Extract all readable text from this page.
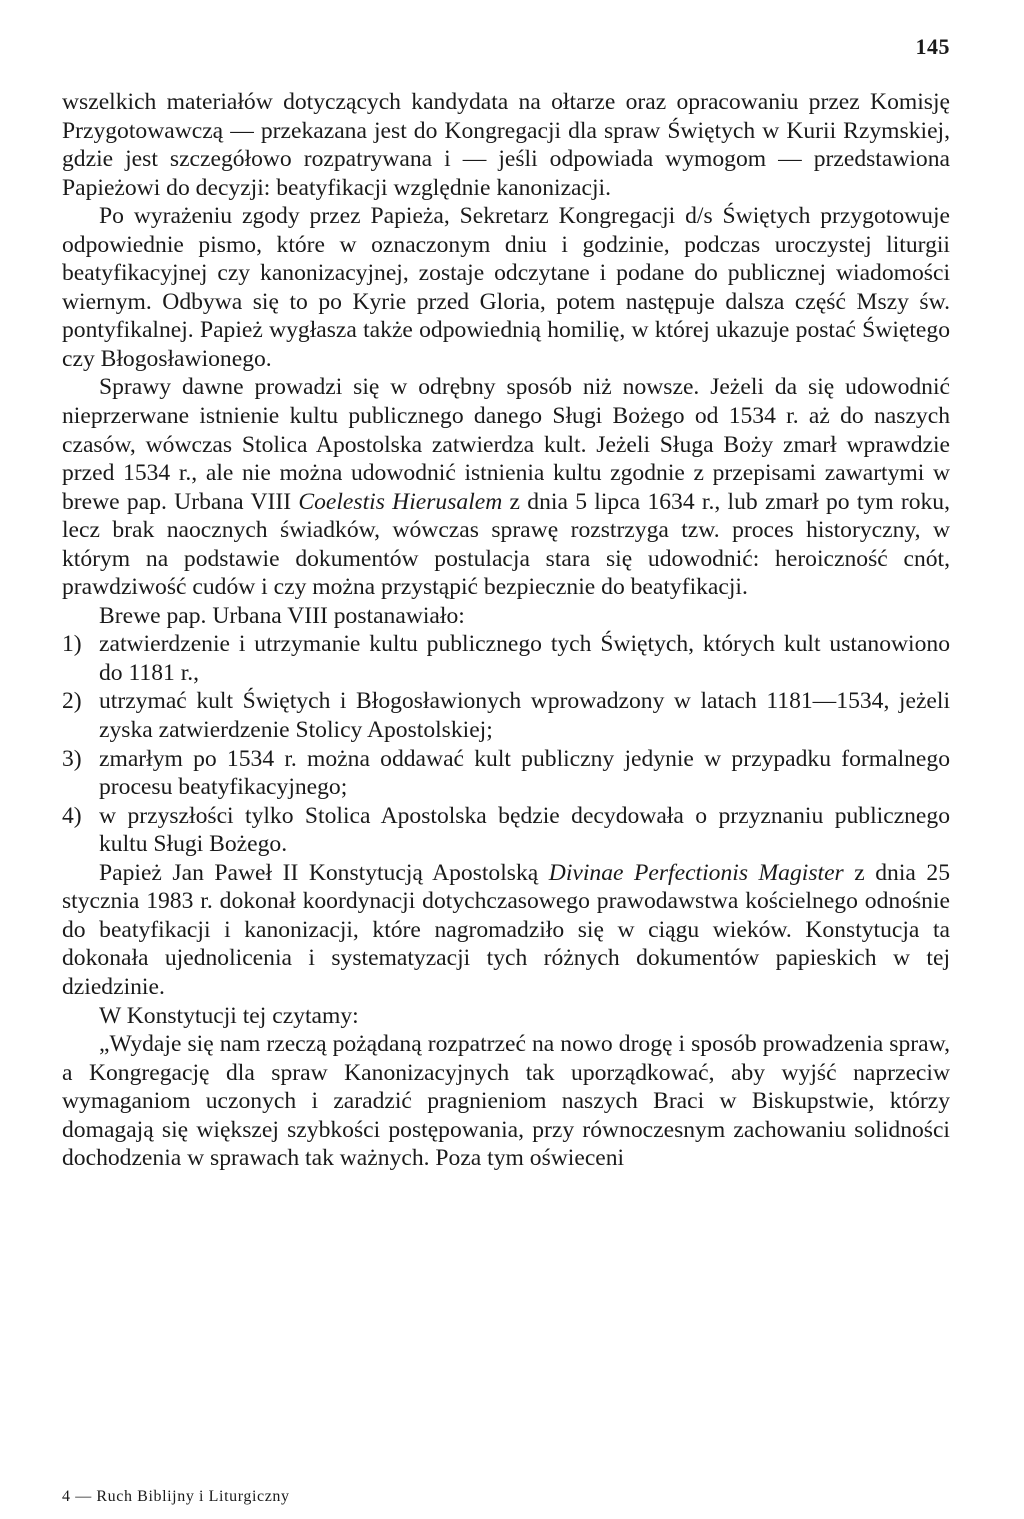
145

wszelkich materiałów dotyczących kandydata na ołtarze oraz opracowaniu przez Komisję Przygotowawczą — przekazana jest do Kongregacji dla spraw Świętych w Kurii Rzymskiej, gdzie jest szczegółowo rozpatrywana i — jeśli odpowiada wymogom — przedstawiona Papieżowi do decyzji: beatyfikacji względnie kanonizacji.

Po wyrażeniu zgody przez Papieża, Sekretarz Kongregacji d/s Świętych przygotowuje odpowiednie pismo, które w oznaczonym dniu i godzinie, podczas uroczystej liturgii beatyfikacyjnej czy kanonizacyjnej, zostaje odczytane i podane do publicznej wiadomości wiernym. Odbywa się to po Kyrie przed Gloria, potem następuje dalsza część Mszy św. pontyfikalnej. Papież wygłasza także odpowiednią homilię, w której ukazuje postać Świętego czy Błogosławionego.

Sprawy dawne prowadzi się w odrębny sposób niż nowsze. Jeżeli da się udowodnić nieprzerwane istnienie kultu publicznego danego Sługi Bożego od 1534 r. aż do naszych czasów, wówczas Stolica Apostolska zatwierdza kult. Jeżeli Sługa Boży zmarł wprawdzie przed 1534 r., ale nie można udowodnić istnienia kultu zgodnie z przepisami zawartymi w brewe pap. Urbana VIII Coelestis Hierusalem z dnia 5 lipca 1634 r., lub zmarł po tym roku, lecz brak naocznych świadków, wówczas sprawę rozstrzyga tzw. proces historyczny, w którym na podstawie dokumentów postulacja stara się udowodnić: heroiczność cnót, prawdziwość cudów i czy można przystąpić bezpiecznie do beatyfikacji.

Brewe pap. Urbana VIII postanawiało:

1) zatwierdzenie i utrzymanie kultu publicznego tych Świętych, których kult ustanowiono do 1181 r.,
2) utrzymać kult Świętych i Błogosławionych wprowadzony w latach 1181—1534, jeżeli zyska zatwierdzenie Stolicy Apostolskiej;
3) zmarłym po 1534 r. można oddawać kult publiczny jedynie w przypadku formalnego procesu beatyfikacyjnego;
4) w przyszłości tylko Stolica Apostolska będzie decydowała o przyznaniu publicznego kultu Sługi Bożego.

Papież Jan Paweł II Konstytucją Apostolską Divinae Perfectionis Magister z dnia 25 stycznia 1983 r. dokonał koordynacji dotychczasowego prawodawstwa kościelnego odnośnie do beatyfikacji i kanonizacji, które nagromadziło się w ciągu wieków. Konstytucja ta dokonała ujednolicenia i systematyzacji tych różnych dokumentów papieskich w tej dziedzinie.

W Konstytucji tej czytamy:

„Wydaje się nam rzeczą pożądaną rozpatrzeć na nowo drogę i sposób prowadzenia spraw, a Kongregację dla spraw Kanonizacyjnych tak uporządkować, aby wyjść naprzeciw wymaganiom uczonych i zaradzić pragnieniom naszych Braci w Biskupstwie, którzy domagają się większej szybkości postępowania, przy równoczesnym zachowaniu solidności dochodzenia w sprawach tak ważnych. Poza tym oświeceni

4 — Ruch Biblijny i Liturgiczny
